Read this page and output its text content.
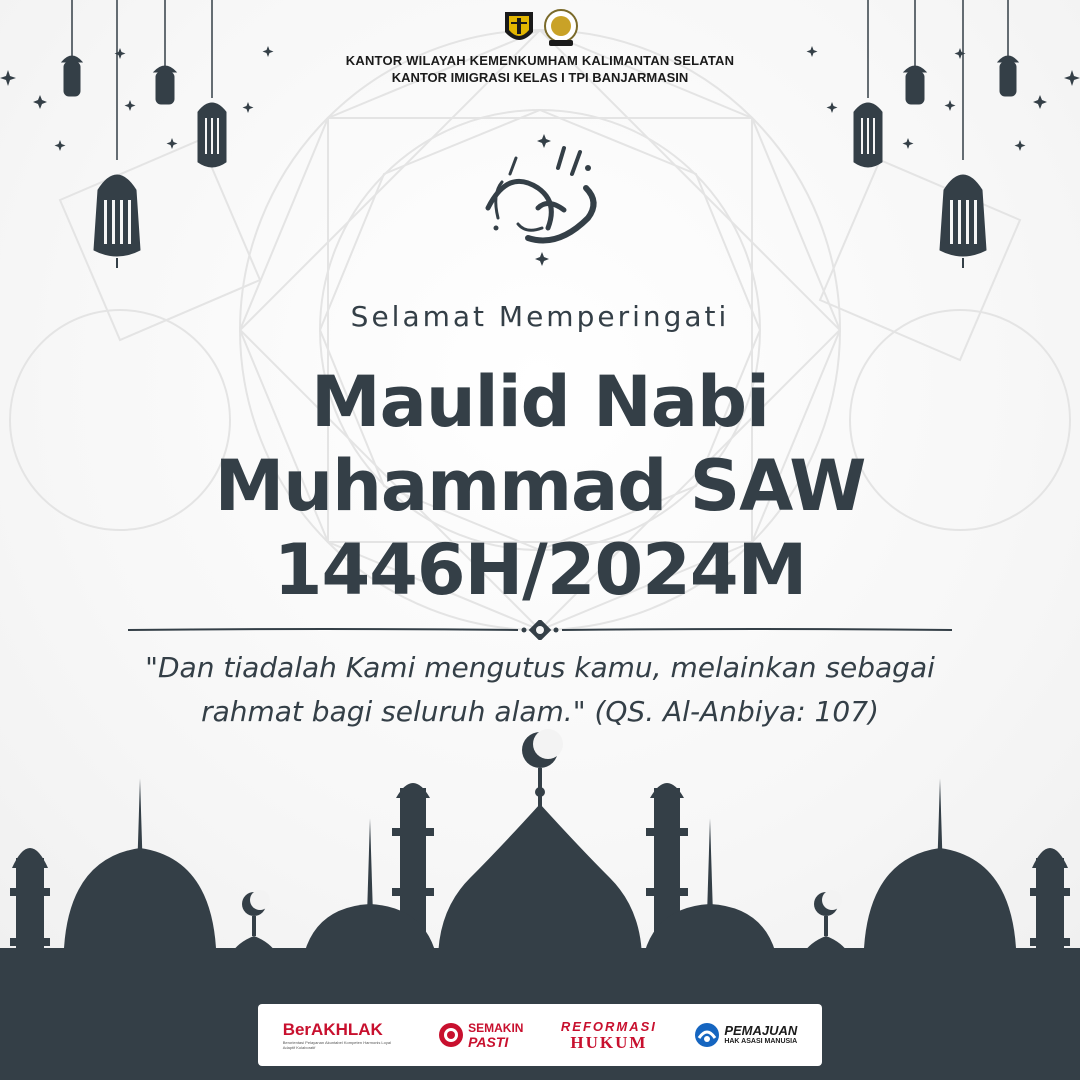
KANTOR WILAYAH KEMENKUMHAM KALIMANTAN SELATAN
KANTOR IMIGRASI KELAS I TPI BANJARMASIN
Selamat Memperingati
Maulid Nabi
Muhammad SAW
1446H/2024M
"Dan tiadalah Kami mengutus kamu, melainkan sebagai
rahmat bagi seluruh alam." (QS. Al-Anbiya: 107)
BerAKHLAK
Berorientasi Pelayanan Akuntabel Kompeten Harmonis Loyal Adaptif Kolaboratif
SEMAKIN
PASTI
REFORMASI
HUKUM
PEMAJUAN
HAK ASASI MANUSIA
